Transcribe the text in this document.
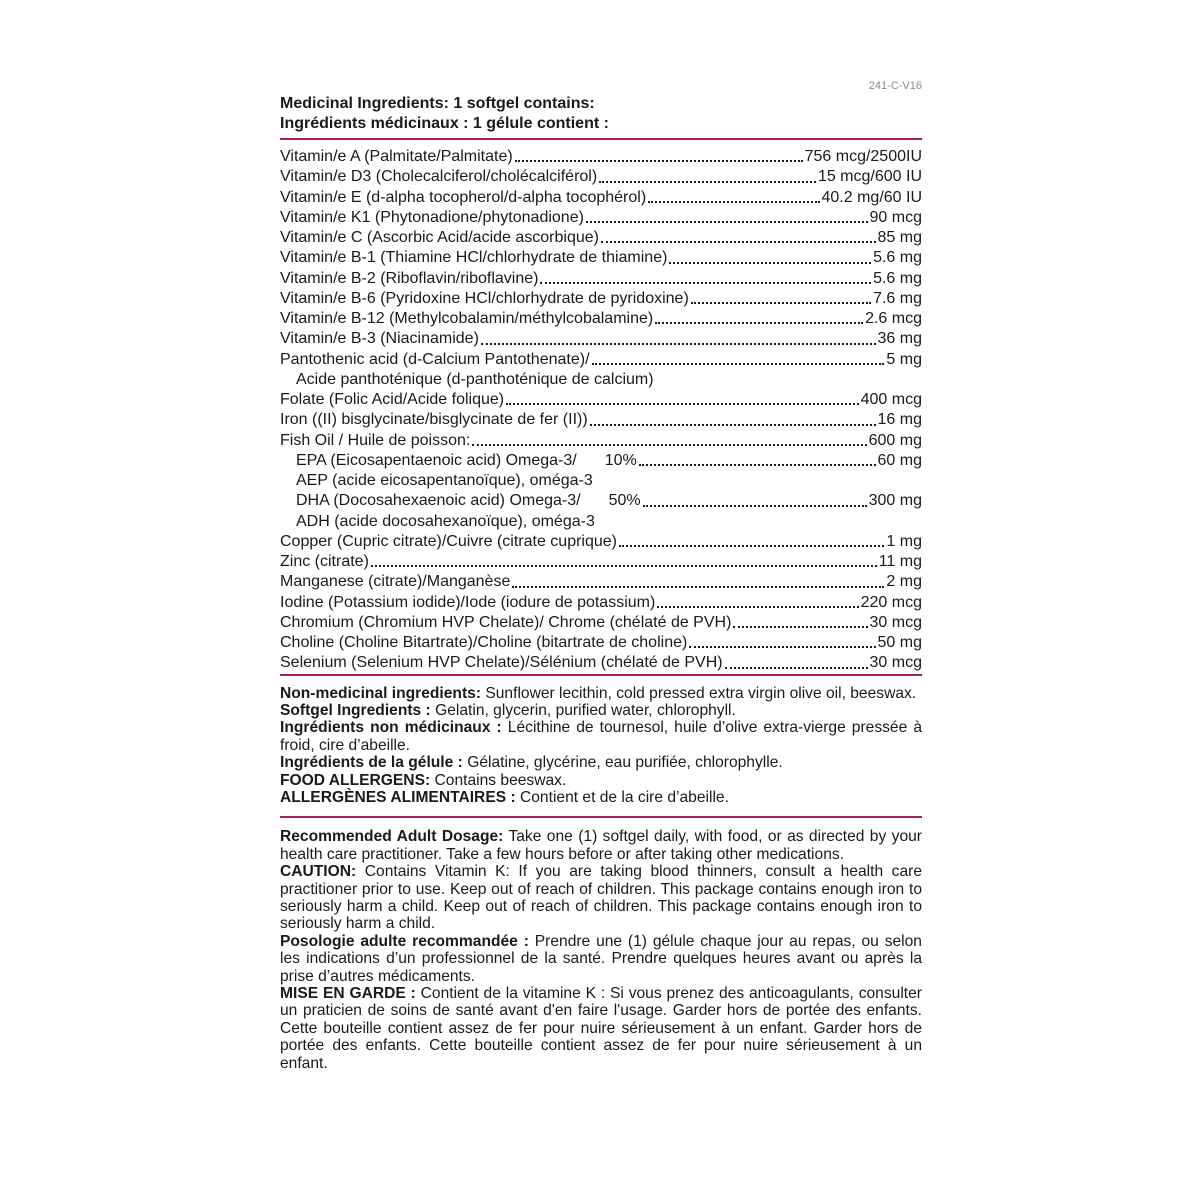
241-C-V16
Medicinal Ingredients: 1 softgel contains:
Ingrédients médicinaux : 1 gélule contient :
Vitamin/e A (Palmitate/Palmitate)	756 mcg/2500IU
Vitamin/e D3 (Cholecalciferol/cholécalciférol)	15 mcg/600 IU
Vitamin/e E (d-alpha tocopherol/d-alpha tocophérol)	40.2 mg/60 IU
Vitamin/e K1 (Phytonadione/phytonadione)	90 mcg
Vitamin/e C (Ascorbic Acid/acide ascorbique)	85 mg
Vitamin/e B-1 (Thiamine HCl/chlorhydrate de thiamine)	5.6 mg
Vitamin/e B-2 (Riboflavin/riboflavine)	5.6 mg
Vitamin/e B-6 (Pyridoxine HCl/chlorhydrate de pyridoxine)	7.6 mg
Vitamin/e B-12 (Methylcobalamin/méthylcobalamine)	2.6 mcg
Vitamin/e B-3 (Niacinamide)	36 mg
Pantothenic acid (d-Calcium Pantothenate)/	5 mg
Acide panthoténique (d-panthoténique de calcium)
Folate (Folic Acid/Acide folique)	400 mcg
Iron ((II) bisglycinate/bisglycinate de fer (II))	16 mg
Fish Oil / Huile de poisson:	600 mg
EPA (Eicosapentaenoic acid) Omega-3/ 10%	60 mg
AEP (acide eicosapentanoïque), oméga-3
DHA (Docosahexaenoic acid) Omega-3/ 50%	300 mg
ADH (acide docosahexanoïque), oméga-3
Copper (Cupric citrate)/Cuivre (citrate cuprique)	1 mg
Zinc (citrate)	11 mg
Manganese (citrate)/Manganèse	2 mg
Iodine (Potassium iodide)/Iode (iodure de potassium)	220 mcg
Chromium (Chromium HVP Chelate)/ Chrome (chélaté de PVH)	30 mcg
Choline (Choline Bitartrate)/Choline (bitartrate de choline)	50 mg
Selenium (Selenium HVP Chelate)/Sélénium (chélaté de PVH)	30 mcg

Non-medicinal ingredients: Sunflower lecithin, cold pressed extra virgin olive oil, beeswax.

Softgel Ingredients : Gelatin, glycerin, purified water, chlorophyll.

Ingrédients non médicinaux : Lécithine de tournesol, huile d’olive extra-vierge pressée à froid, cire d’abeille.

Ingrédients de la gélule : Gélatine, glycérine, eau purifiée, chlorophylle.

FOOD ALLERGENS: Contains beeswax.

ALLERGÈNES ALIMENTAIRES : Contient et de la cire d’abeille.

Recommended Adult Dosage: Take one (1) softgel daily, with food, or as directed by your health care practitioner. Take a few hours before or after taking other medications.

CAUTION: Contains Vitamin K: If you are taking blood thinners, consult a health care practitioner prior to use. Keep out of reach of children. This package contains enough iron to seriously harm a child. Keep out of reach of children. This package contains enough iron to seriously harm a child.

Posologie adulte recommandée : Prendre une (1) gélule chaque jour au repas, ou selon les indications d’un professionnel de la santé. Prendre quelques heures avant ou après la prise d’autres médicaments.

MISE EN GARDE : Contient de la vitamine K : Si vous prenez des anticoagulants, consulter un praticien de soins de santé avant d'en faire l'usage. Garder hors de portée des enfants. Cette bouteille contient assez de fer pour nuire sérieusement à un enfant. Garder hors de portée des enfants. Cette bouteille contient assez de fer pour nuire sérieusement à un enfant.
